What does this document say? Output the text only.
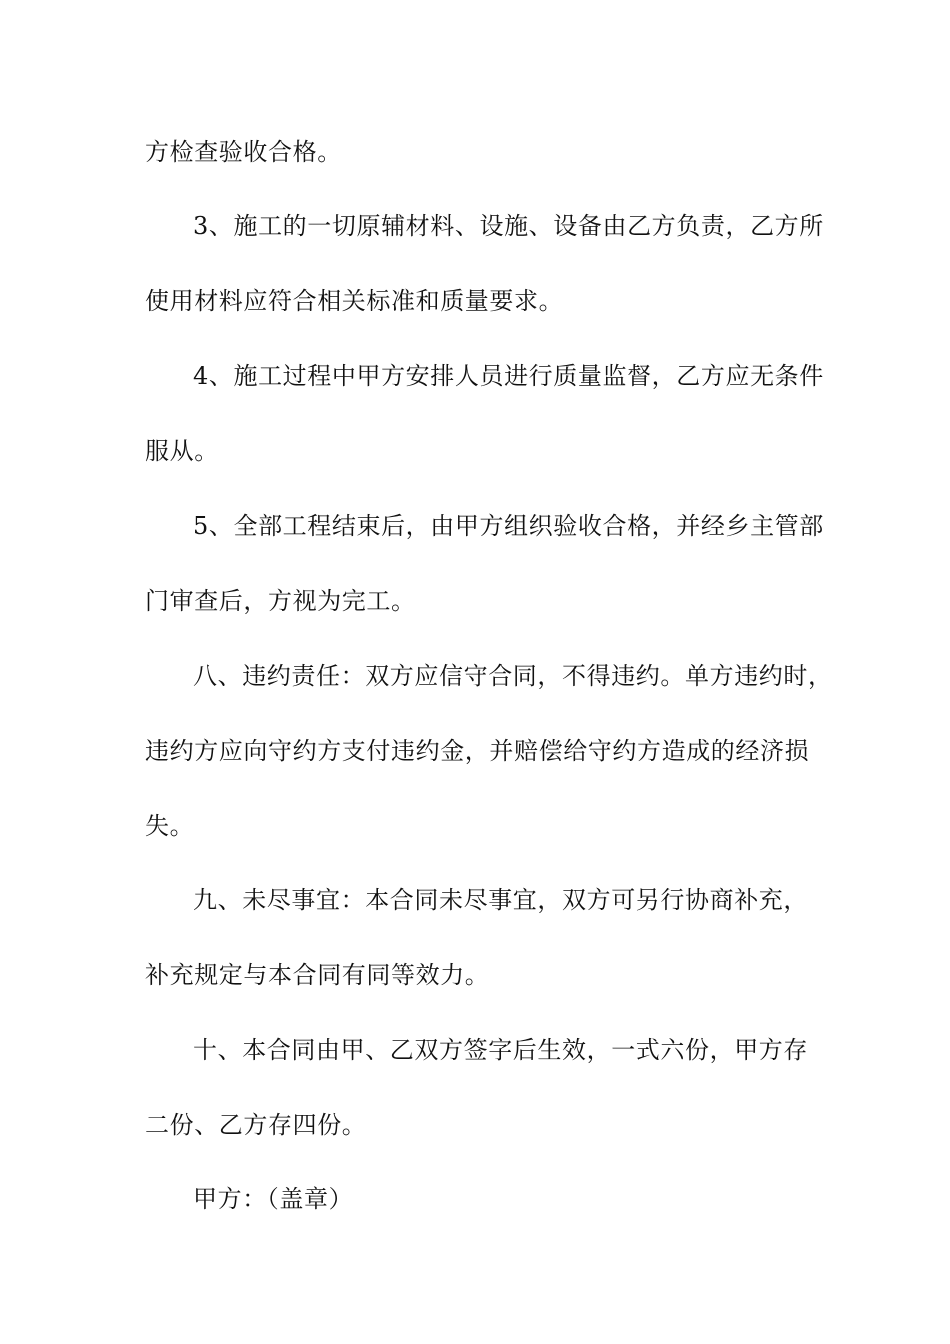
方检查验收合格。
3、施工的一切原辅材料、设施、设备由乙方负责，乙方所
使用材料应符合相关标准和质量要求。
4、施工过程中甲方安排人员进行质量监督，乙方应无条件
服从。
5、全部工程结束后，由甲方组织验收合格，并经乡主管部
门审查后，方视为完工。
八、违约责任：双方应信守合同，不得违约。单方违约时，
违约方应向守约方支付违约金，并赔偿给守约方造成的经济损
失。
九、未尽事宜：本合同未尽事宜，双方可另行协商补充，
补充规定与本合同有同等效力。
十、本合同由甲、乙双方签字后生效，一式六份，甲方存
二份、乙方存四份。
甲方：（盖章）
